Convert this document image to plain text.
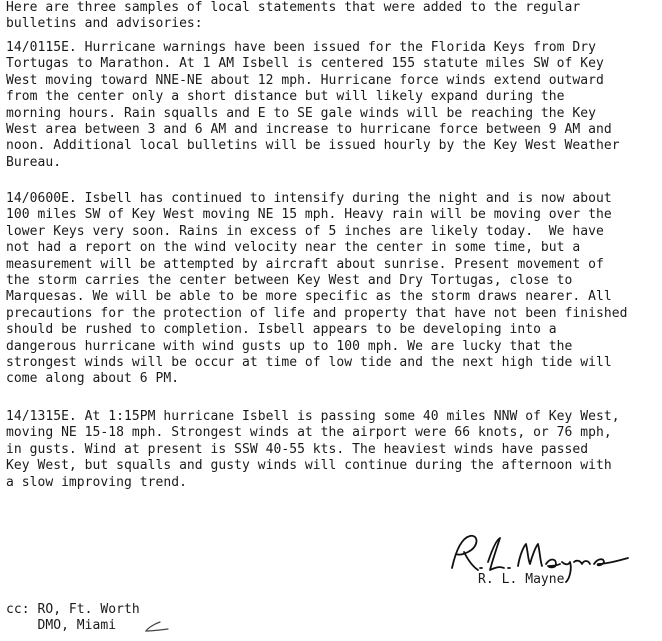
Here are three samples of local statements that were added to the regular
bulletins and advisories:

14/0115E. Hurricane warnings have been issued for the Florida Keys from Dry
Tortugas to Marathon. At 1 AM Isbell is centered 155 statute miles SW of Key
West moving toward NNE-NE about 12 mph. Hurricane force winds extend outward
from the center only a short distance but will likely expand during the
morning hours. Rain squalls and E to SE gale winds will be reaching the Key
West area between 3 and 6 AM and increase to hurricane force between 9 AM and
noon. Additional local bulletins will be issued hourly by the Key West Weather
Bureau.

14/0600E. Isbell has continued to intensify during the night and is now about
100 miles SW of Key West moving NE 15 mph. Heavy rain will be moving over the
lower Keys very soon. Rains in excess of 5 inches are likely today.  We have
not had a report on the wind velocity near the center in some time, but a
measurement will be attempted by aircraft about sunrise. Present movement of
the storm carries the center between Key West and Dry Tortugas, close to
Marquesas. We will be able to be more specific as the storm draws nearer. All
precautions for the protection of life and property that have not been finished
should be rushed to completion. Isbell appears to be developing into a
dangerous hurricane with wind gusts up to 100 mph. We are lucky that the
strongest winds will be occur at time of low tide and the next high tide will
come along about 6 PM.

14/1315E. At 1:15PM hurricane Isbell is passing some 40 miles NNW of Key West,
moving NE 15-18 mph. Strongest winds at the airport were 66 knots, or 76 mph,
in gusts. Wind at present is SSW 40-55 kts. The heaviest winds have passed
Key West, but squalls and gusty winds will continue during the afternoon with
a slow improving trend.

R. L. Mayne

cc: RO, Ft. Worth
DMO, Miami
